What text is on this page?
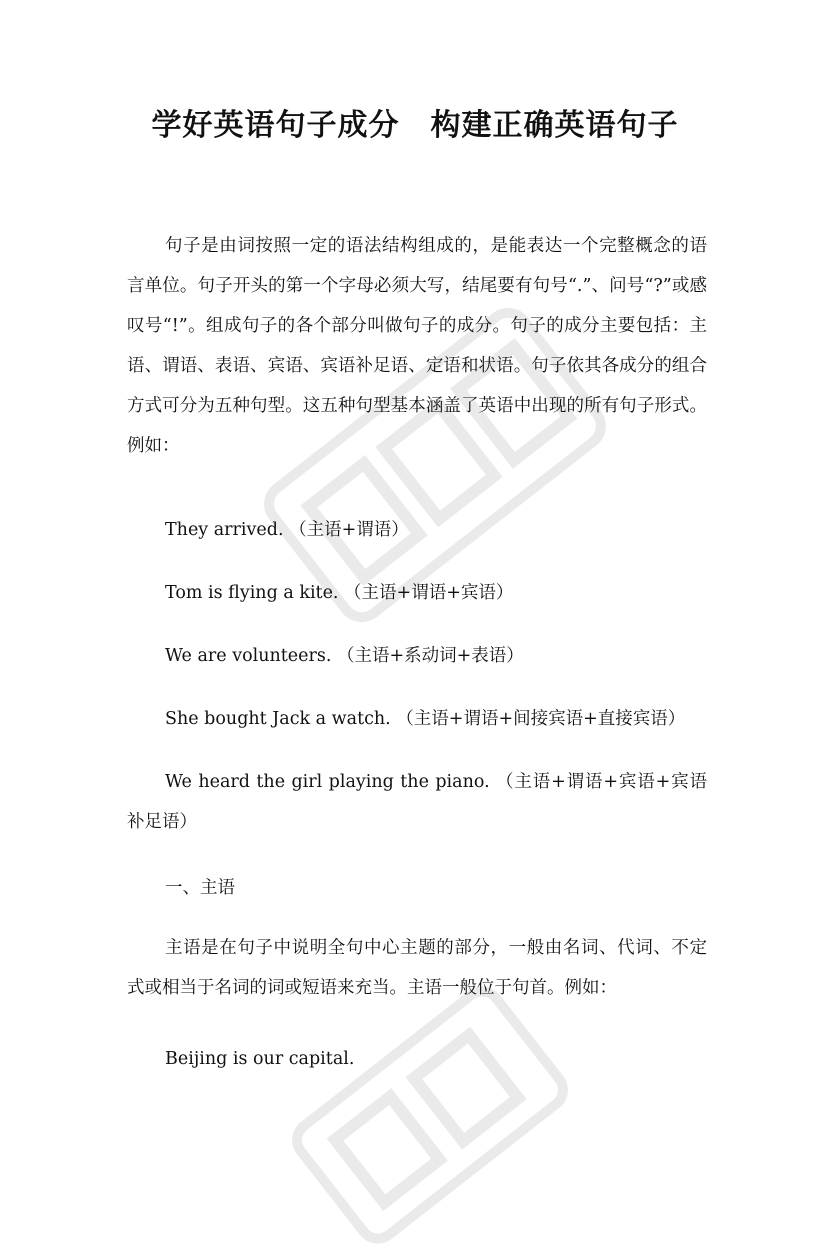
学好英语句子成分　构建正确英语句子

句子是由词按照一定的语法结构组成的，是能表达一个完整概念的语言单位。句子开头的第一个字母必须大写，结尾要有句号“.”、问号“?”或感叹号“!”。组成句子的各个部分叫做句子的成分。句子的成分主要包括：主语、谓语、表语、宾语、宾语补足语、定语和状语。句子依其各成分的组合方式可分为五种句型。这五种句型基本涵盖了英语中出现的所有句子形式。例如：

They arrived. （主语+谓语）

Tom is flying a kite. （主语+谓语+宾语）

We are volunteers. （主语+系动词+表语）

She bought Jack a watch. （主语+谓语+间接宾语+直接宾语）

We heard the girl playing the piano. （主语+谓语+宾语+宾语补足语）

一、主语

主语是在句子中说明全句中心主题的部分，一般由名词、代词、不定式或相当于名词的词或短语来充当。主语一般位于句首。例如：

Beijing is our capital.
